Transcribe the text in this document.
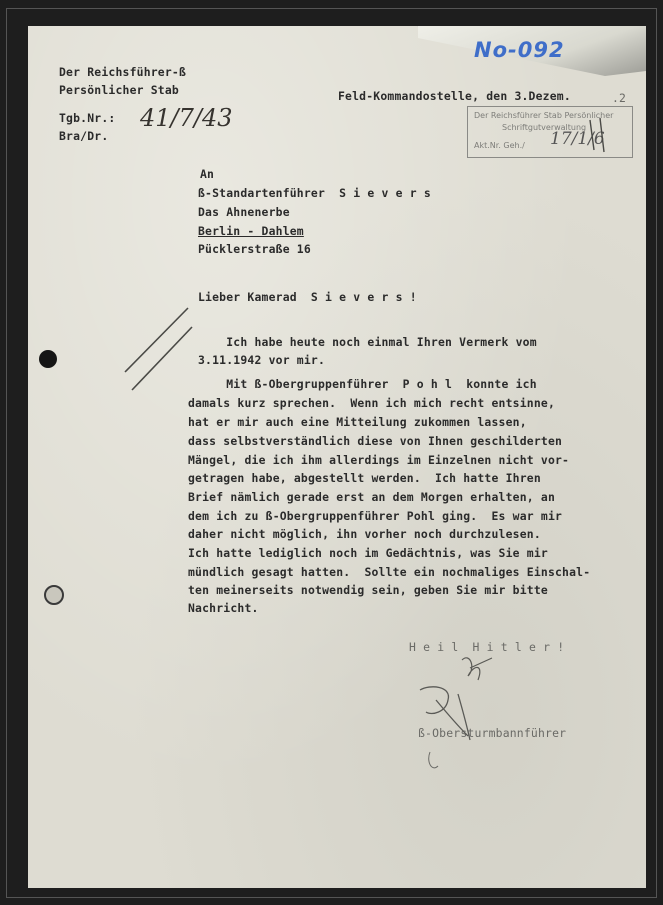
No-092
Der Reichsführer-ß
Persönlicher Stab	Feld-Kommandostelle, den 3.Dezem.	.2
Tgb.Nr.: 41/7/43
Bra/Dr.
Der Reichsführer Stab Persönlicher
Schriftgutverwaltung
Akt.Nr. Geh./ 17/1/6
An
ß-Standartenführer  S i e v e r s
Das Ahnenerbe
Berlin - Dahlem
Pücklerstraße 16
Lieber Kamerad  S i e v e r s !
Ich habe heute noch einmal Ihren Vermerk vom
3.11.1942 vor mir.
Mit ß-Obergruppenführer  P o h l  konnte ich
damals kurz sprechen.  Wenn ich mich recht entsinne,
hat er mir auch eine Mitteilung zukommen lassen,
dass selbstverständlich diese von Ihnen geschilderten
Mängel, die ich ihm allerdings im Einzelnen nicht vor-
getragen habe, abgestellt werden.  Ich hatte Ihren
Brief nämlich gerade erst an dem Morgen erhalten, an
dem ich zu ß-Obergruppenführer Pohl ging.  Es war mir
daher nicht möglich, ihn vorher noch durchzulesen.
Ich hatte lediglich noch im Gedächtnis, was Sie mir
mündlich gesagt hatten.  Sollte ein nochmaliges Einschal-
ten meinerseits notwendig sein, geben Sie mir bitte
Nachricht.
H e i l  H i t l e r !
ß-Obersturmbannführer
